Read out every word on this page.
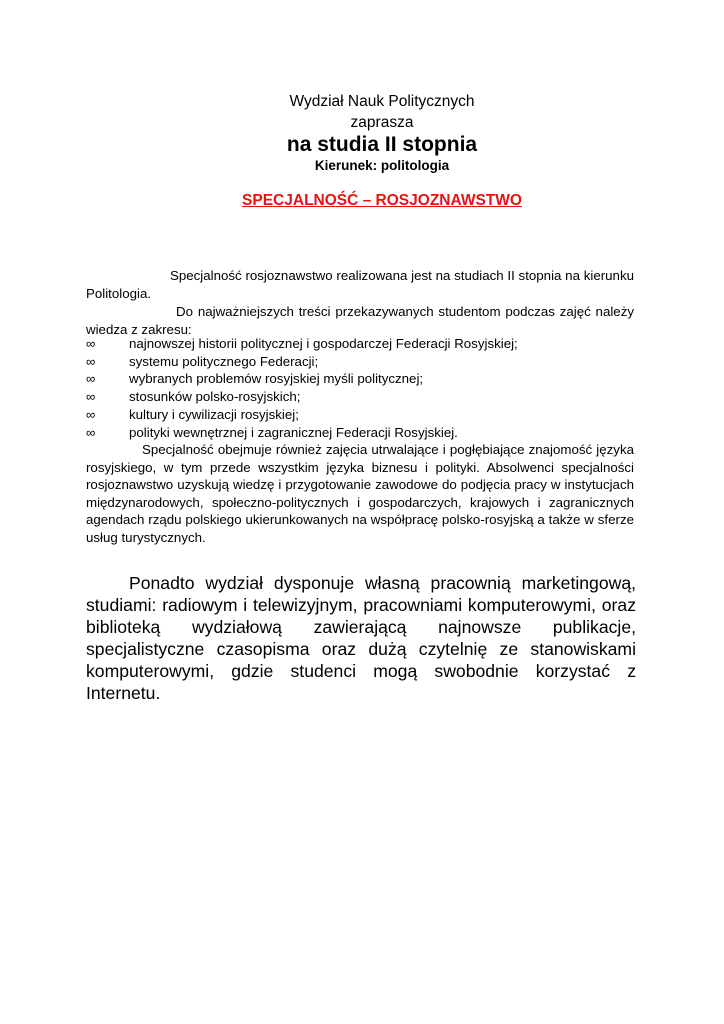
Wydział Nauk Politycznych
zaprasza
na studia II stopnia
Kierunek: politologia
SPECJALNOŚĆ – ROSJOZNAWSTWO
Specjalność rosjoznawstwo realizowana jest na studiach II stopnia na kierunku Politologia.
Do najważniejszych treści przekazywanych studentom podczas zajęć należy wiedza z zakresu:
∞	najnowszej historii politycznej i gospodarczej Federacji Rosyjskiej;
∞	systemu politycznego Federacji;
∞	wybranych problemów rosyjskiej myśli politycznej;
∞	stosunków polsko-rosyjskich;
∞	kultury i cywilizacji rosyjskiej;
∞	polityki wewnętrznej i zagranicznej Federacji Rosyjskiej.
Specjalność obejmuje również zajęcia utrwalające i pogłębiające znajomość języka rosyjskiego, w tym przede wszystkim języka biznesu i polityki. Absolwenci specjalności rosjoznawstwo uzyskują wiedzę i przygotowanie zawodowe do podjęcia pracy w instytucjach międzynarodowych, społeczno-politycznych i gospodarczych, krajowych i zagranicznych agendach rządu polskiego ukierunkowanych na współpracę polsko-rosyjską a także w sferze usług turystycznych.
Ponadto wydział dysponuje własną pracownią marketingową, studiami: radiowym i telewizyjnym, pracowniami komputerowymi, oraz biblioteką wydziałową zawierającą najnowsze publikacje, specjalistyczne czasopisma oraz dużą czytelnię ze stanowiskami komputerowymi, gdzie studenci mogą swobodnie korzystać z Internetu.
